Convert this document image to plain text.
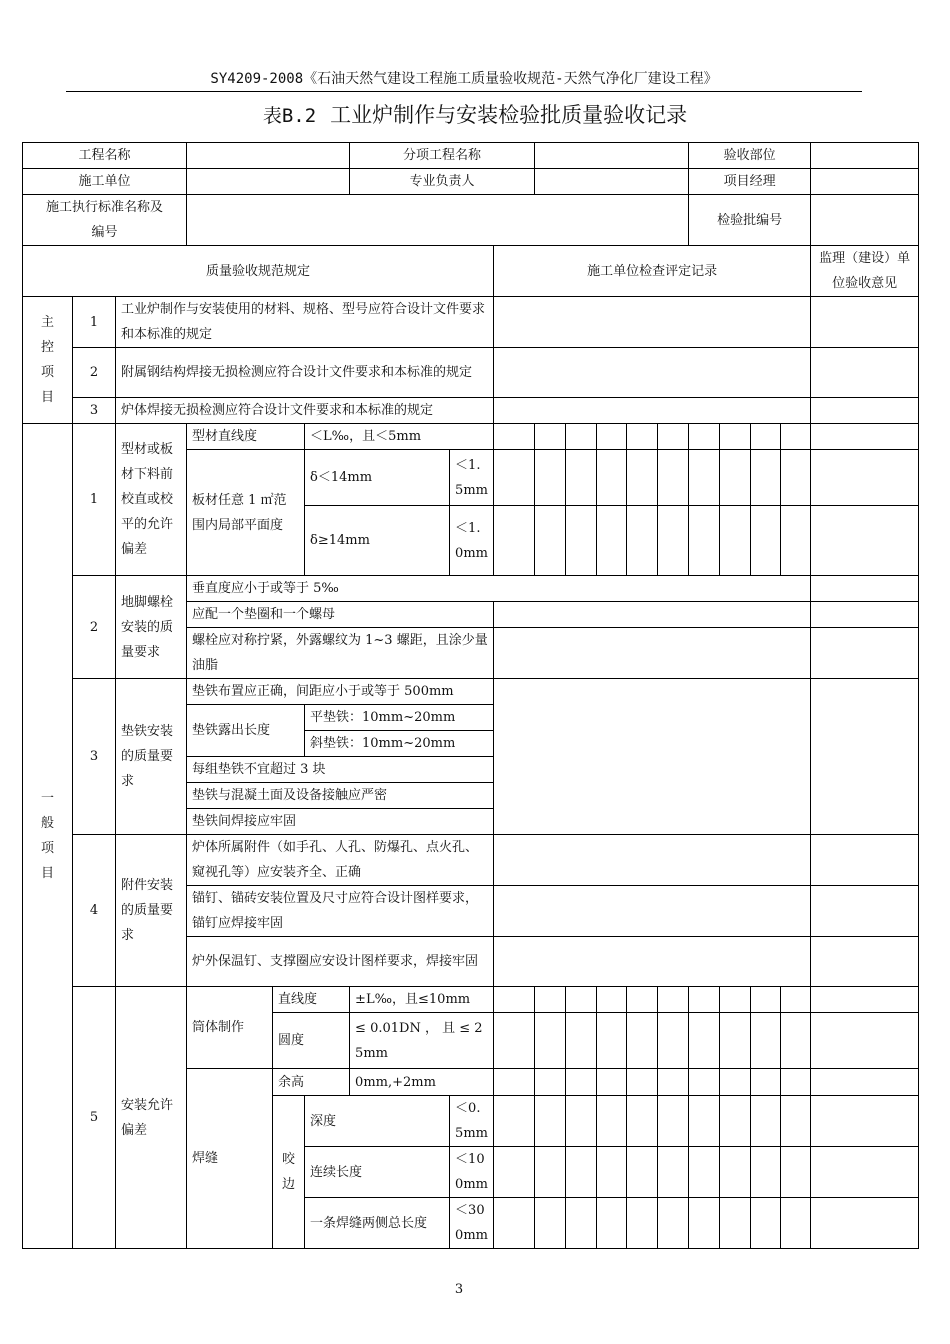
SY4209-2008《石油天然气建设工程施工质量验收规范-天然气净化厂建设工程》
表B.2 工业炉制作与安装检验批质量验收记录
工程名称						分项工程名称								验收部位					
施工单位						专业负责人								项目经理					
施工执行标准名称及编号														检验批编号					
质量验收规范规定								施工单位检查评定记录										监理（建设）单位验收意见	
主控项目	1	工业炉制作与安装使用的材料、规格、型号应符合设计文件要求和本标准的规定																	
	2	附属钢结构焊接无损检测应符合设计文件要求和本标准的规定																	
	3	炉体焊接无损检测应符合设计文件要求和本标准的规定																	
一般项目	1	型材或板材下料前校直或校平的允许偏差	型材直线度		＜L‰，且＜5mm														
			板材任意 1 ㎡范围内局部平面度		δ＜14mm		＜1.5mm												
					δ≥14mm		＜1.0mm												
	2	地脚螺栓安装的质量要求	垂直度应小于或等于 5‰																
			应配一个垫圈和一个螺母																
			螺栓应对称拧紧，外露螺纹为 1~3 螺距，且涂少量油脂																
	3	垫铁安装的质量要求	垫铁布置应正确，间距应小于或等于 500mm																
			垫铁露出长度		平垫铁：10mm~20mm														
					斜垫铁：10mm~20mm														
			每组垫铁不宜超过 3 块																
			垫铁与混凝土面及设备接触应严密																
			垫铁间焊接应牢固																
	4	附件安装的质量要求	炉体所属附件（如手孔、人孔、防爆孔、点火孔、窥视孔等）应安装齐全、正确																
			锚钉、锚砖安装位置及尺寸应符合设计图样要求，锚钉应焊接牢固																
			炉外保温钉、支撑圈应安设计图样要求，焊接牢固																
	5	安装允许偏差	筒体制作	直线度		±L‰，且≤10mm													
				圆度		≤ 0.01DN ， 且 ≤ 25mm													
			焊缝	余高		0mm,+2mm													
				咬边	深度		＜0.5mm												
					连续长度		＜100mm												
					一条焊缝两侧总长度		＜300mm												
3
